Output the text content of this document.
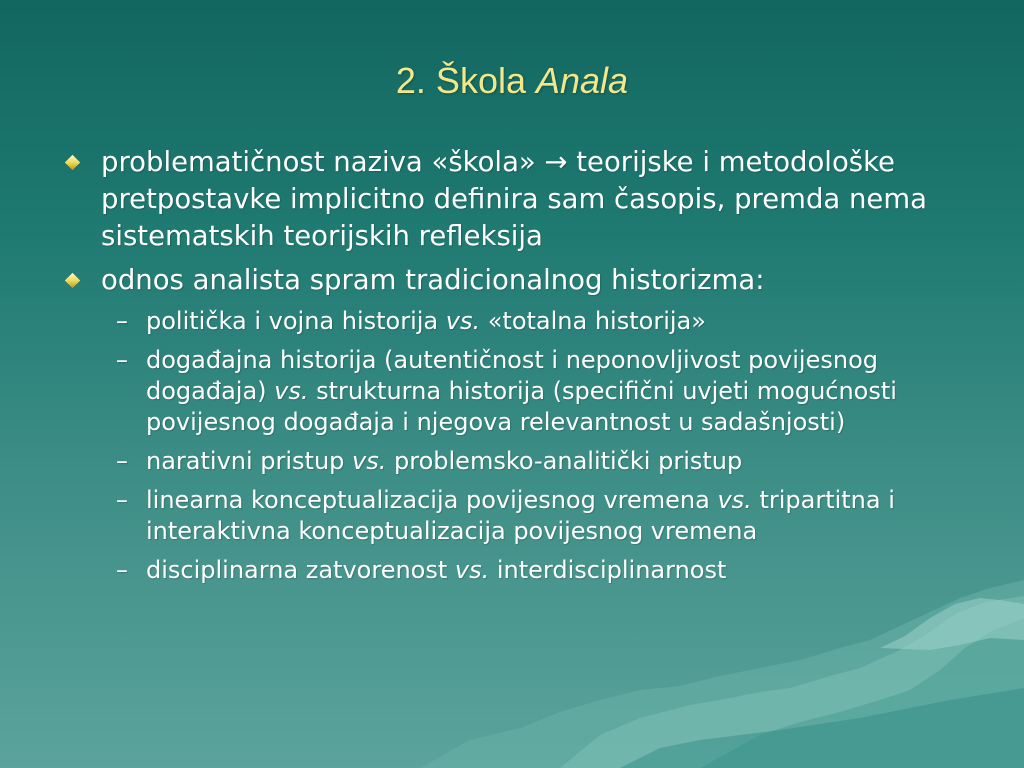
2. Škola Anala
problematičnost naziva «škola» → teorijske i metodološke pretpostavke implicitno definira sam časopis, premda nema sistematskih teorijskih refleksija
odnos analista spram tradicionalnog historizma:
– politička i vojna historija vs. «totalna historija»
– događajna historija (autentičnost i neponovljivost povijesnog događaja) vs. strukturna historija (specifični uvjeti mogućnosti povijesnog događaja i njegova relevantnost u sadašnjosti)
– narativni pristup vs. problemsko-analitički pristup
– linearna konceptualizacija povijesnog vremena vs. tripartitna i interaktivna konceptualizacija povijesnog vremena
– disciplinarna zatvorenost vs. interdisciplinarnost
